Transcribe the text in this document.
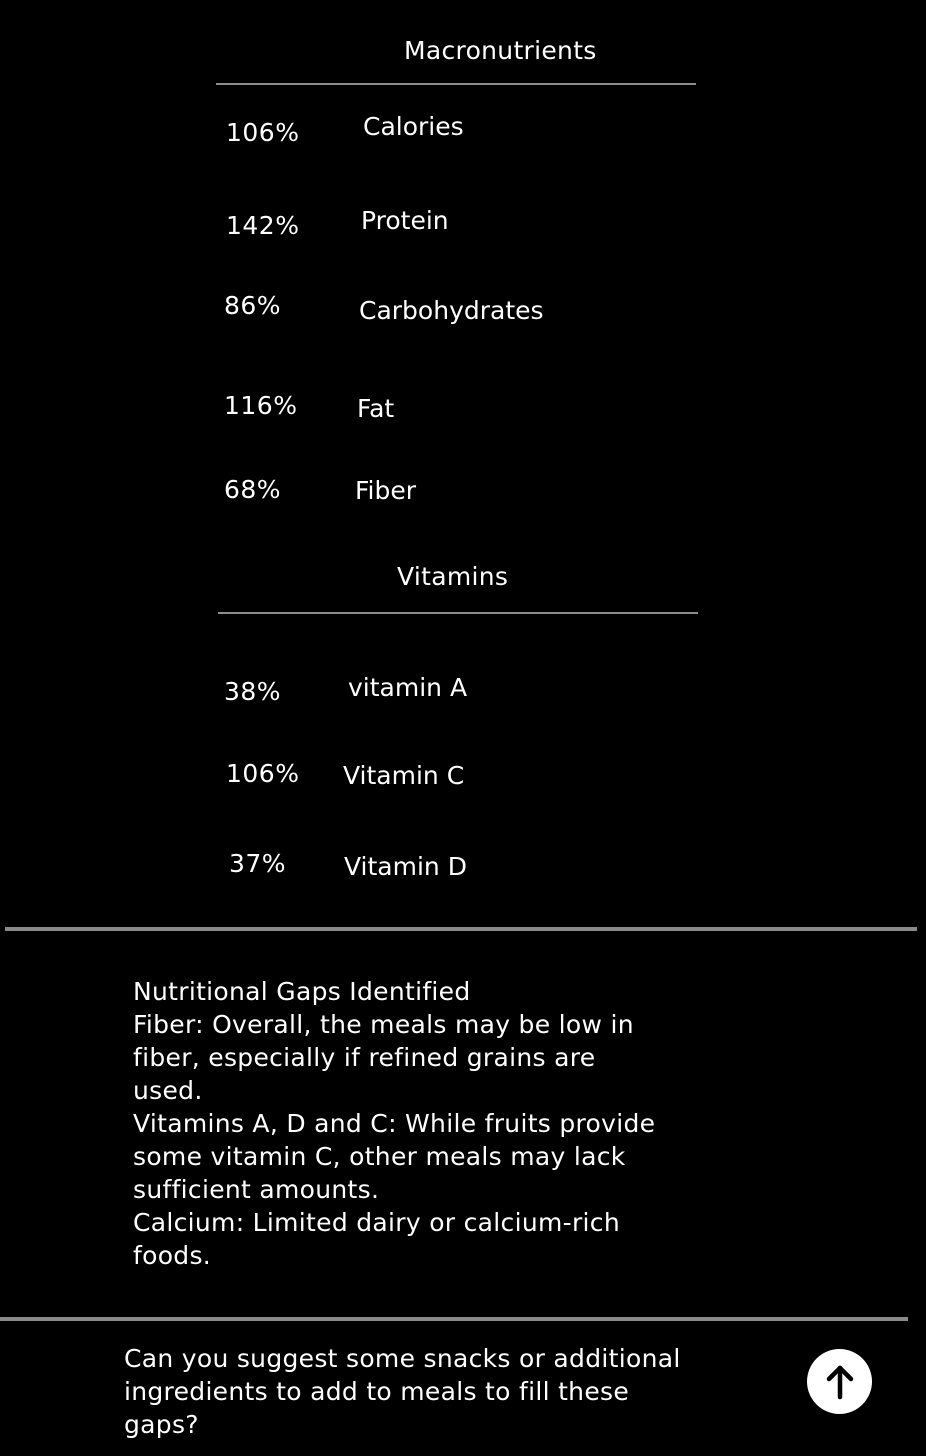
Macronutrients
106%	Calories
142% Protein
86%	Carbohydrates
116% Fat
68%	Fiber
Vitamins
38%	vitamin A
106% Vitamin C
37% Vitamin D
Nutritional Gaps Identified
Fiber: Overall, the meals may be low in fiber, especially if refined grains are used.
Vitamins A, D and C: While fruits provide some vitamin C, other meals may lack sufficient amounts.
Calcium: Limited dairy or calcium-rich foods.
Can you suggest some snacks or additional ingredients to add to meals to fill these gaps?
